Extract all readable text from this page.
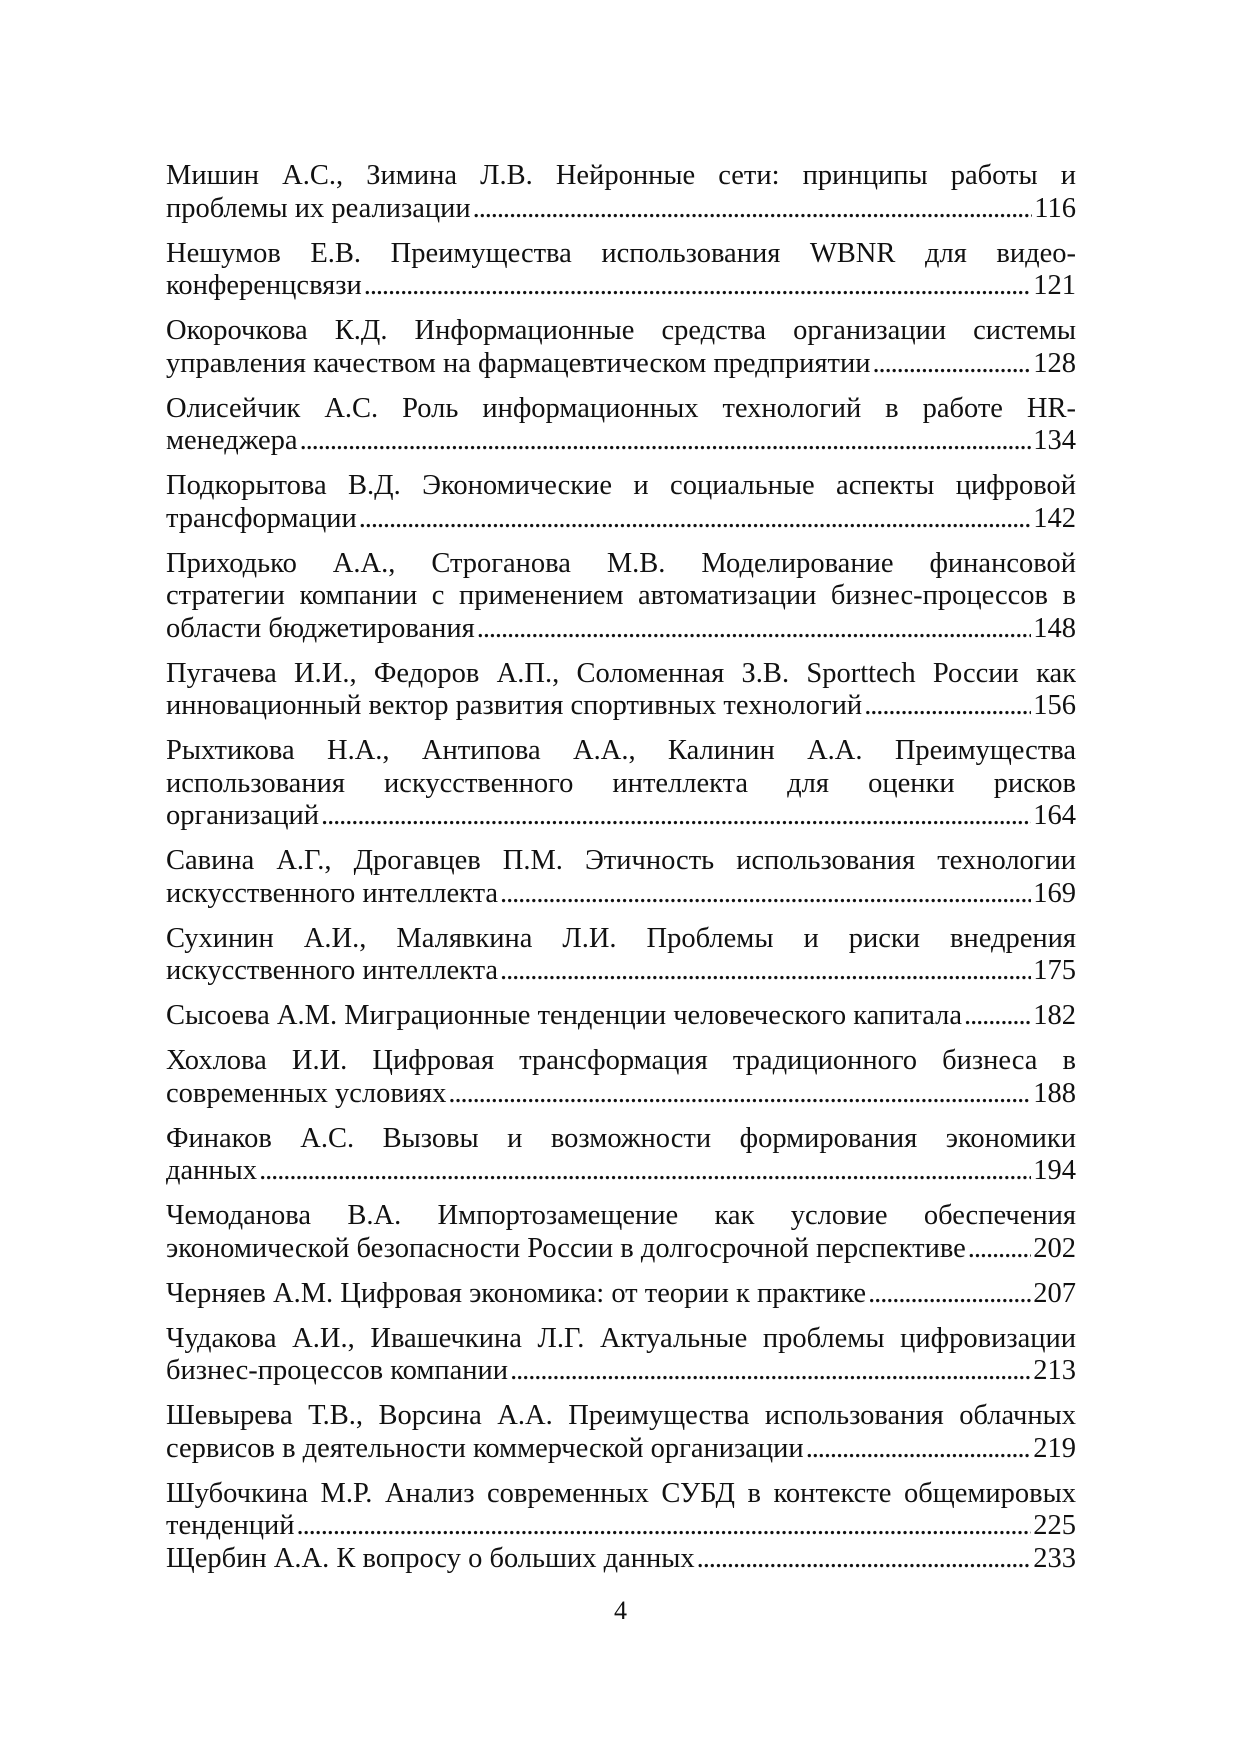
Мишин А.С., Зимина Л.В. Нейронные сети: принципы работы и
проблемы их реализации . . .	116
Нешумов Е.В. Преимущества использования WBNR для видео-
конференцсвязи . . .	121
Окорочкова К.Д. Информационные средства организации системы
управления качеством на фармацевтическом предприятии . . .	128
Олисейчик А.С. Роль информационных технологий в работе HR-
менеджера . . .	134
Подкорытова В.Д. Экономические и социальные аспекты цифровой
трансформации . . .	142
Приходько А.А., Строганова М.В. Моделирование финансовой
стратегии компании с применением автоматизации бизнес-процессов в
области бюджетирования . . .	148
Пугачева И.И., Федоров А.П., Соломенная З.В. Sporttech России как
инновационный вектор развития спортивных технологий . . .	156
Рыхтикова Н.А., Антипова А.А., Калинин А.А. Преимущества
использования искусственного интеллекта для оценки рисков
организаций . . .	164
Савина А.Г., Дрогавцев П.М. Этичность использования технологии
искусственного интеллекта . . .	169
Сухинин А.И., Малявкина Л.И. Проблемы и риски внедрения
искусственного интеллекта . . .	175
Сысоева А.М. Миграционные тенденции человеческого капитала . . . 182
Хохлова И.И. Цифровая трансформация традиционного бизнеса в
современных условиях . . .	188
Финаков А.С. Вызовы и возможности формирования экономики
данных . . .	194
Чемоданова В.А. Импортозамещение как условие обеспечения
экономической безопасности России в долгосрочной перспективе . . . 202
Черняев А.М. Цифровая экономика: от теории к практике . . .	207
Чудакова А.И., Ивашечкина Л.Г. Актуальные проблемы цифровизации
бизнес-процессов компании . . .	213
Шевырева Т.В., Ворсина А.А. Преимущества использования облачных
сервисов в деятельности коммерческой организации . . .	219
Шубочкина М.Р. Анализ современных СУБД в контексте общемировых
тенденций . . .	225
Щербин А.А. К вопросу о больших данных . . .	233
4
